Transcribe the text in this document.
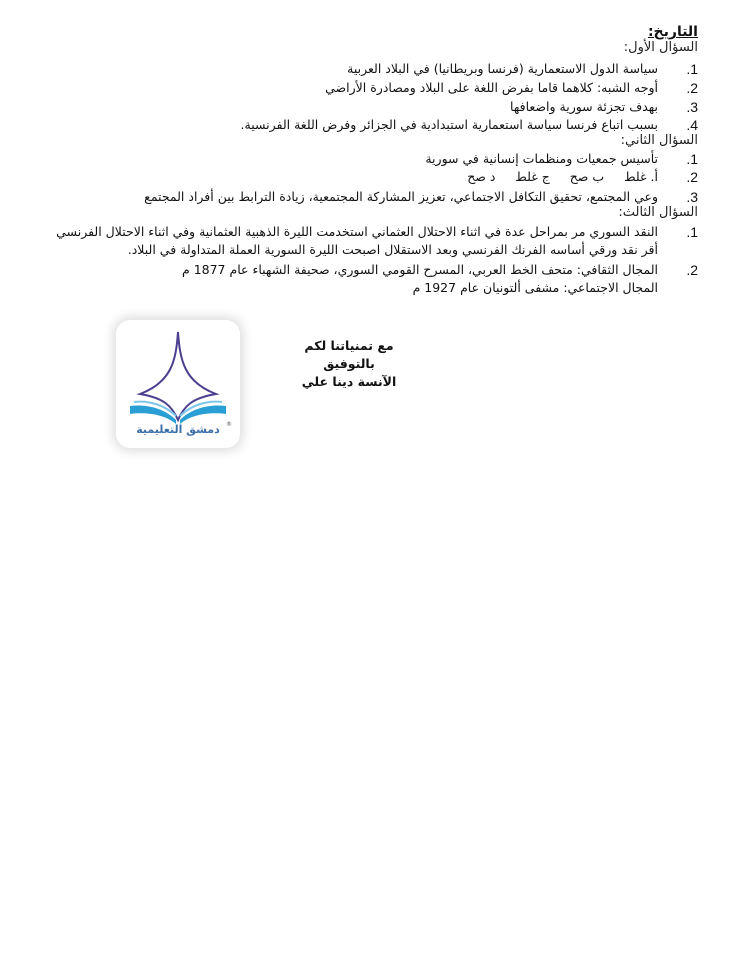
التاريخ:
السؤال الأول:
1.
سياسة الدول الاستعمارية (فرنسا وبريطانيا) في البلاد العربية
2.
أوجه الشبه: كلاهما قاما بفرض اللغة على البلاد ومصادرة الأراضي
3.
بهدف تجزئة سورية واضعافها
4.
بسبب اتباع فرنسا سياسة استعمارية استبدادية في الجزائر وفرض اللغة الفرنسية.
السؤال الثاني:
1.
تأسيس جمعيات ومنظمات إنسانية في سورية
2.
أ. غلط     ب صح     ج غلط     د صح
3.
وعي المجتمع، تحقيق التكافل الاجتماعي، تعزيز المشاركة المجتمعية، زيادة الترابط بين أفراد المجتمع
السؤال الثالث:
1.
النقد السوري مر بمراحل عدة في اثناء الاحتلال العثماني استخدمت الليرة الذهبية العثمانية وفي اثناء الاحتلال الفرنسي أقر نقد ورقي أساسه الفرنك الفرنسي وبعد الاستقلال اصبحت الليرة السورية العملة المتداولة في البلاد.
2.
المجال الثقافي: متحف الخط العربي، المسرح القومي السوري، صحيفة الشهباء عام 1877 م
المجال الاجتماعي: مشفى ألتونيان عام 1927 م
دمشق التعليمية	®
مع تمنياتنا لكم بالتوفيق
الآنسة دينا علي
